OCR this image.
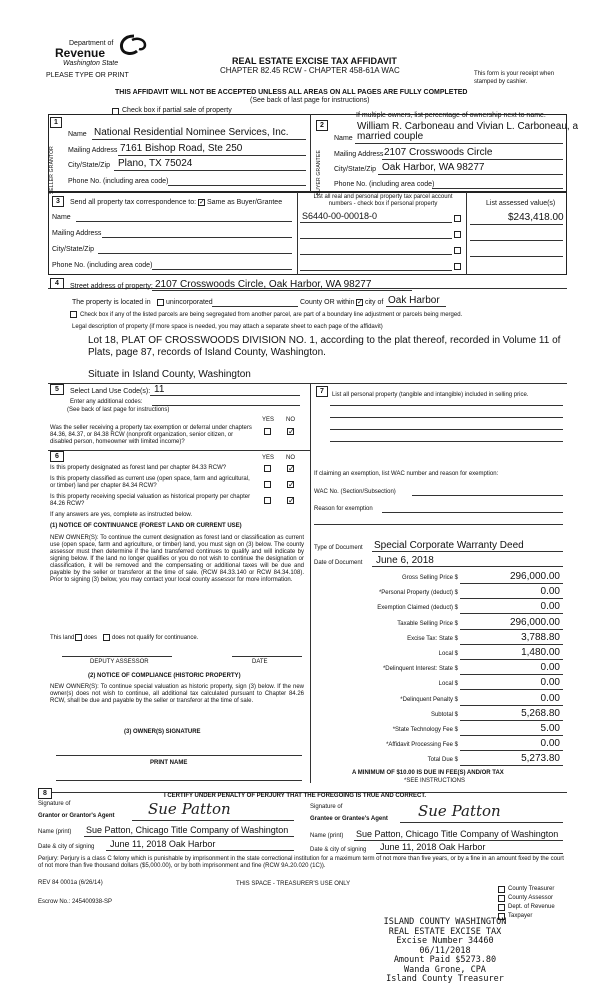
Department of
Revenue
Washington State
PLEASE TYPE OR PRINT
REAL ESTATE EXCISE TAX AFFIDAVIT
CHAPTER 82.45 RCW - CHAPTER 458-61A WAC	This form is your receipt when stamped by cashier.
THIS AFFIDAVIT WILL NOT BE ACCEPTED UNLESS ALL AREAS ON ALL PAGES ARE FULLY COMPLETED
(See back of last page for instructions)
Check box if partial sale of property
If multiple owners, list percentage of ownership next to name.
1
SELLER GRANTOR
Name National Residential Nominee Services, Inc.
Mailing Address 7161 Bishop Road, Ste 250
City/State/Zip Plano, TX 75024
Phone No. (including area code)
2
BUYER GRANTEE
William R. Carboneau and Vivian L. Carboneau, a
Name married couple
Mailing Address 2107 Crosswoods Circle
City/State/Zip Oak Harbor, WA 98277
Phone No. (including area code)
3	Send all property tax correspondence to: ✓ Same as Buyer/Grantee
Name
Mailing Address
City/State/Zip
Phone No. (including area code)
List all real and personal property tax parcel account numbers - check box if personal property	List assessed value(s)
S6440-00-00018-0	$243,418.00
4	Street address of property: 2107 Crosswoods Circle, Oak Harbor, WA 98277
The property is located in unincorporated	County OR within ✓ city of Oak Harbor
Check box if any of the listed parcels are being segregated from another parcel, are part of a boundary line adjustment or parcels being merged.
Legal description of property (if more space is needed, you may attach a separate sheet to each page of the affidavit)
Lot 18, PLAT OF CROSSWOODS DIVISION NO. 1, according to the plat thereof, recorded in Volume 11 of
Plats, page 87, records of Island County, Washington.
Situate in Island County, Washington
5	Select Land Use Code(s): 11
Enter any additional codes:
(See back of last page for instructions)
YES NO
Was the seller receiving a property tax exemption or deferral under chapters 84.36, 84.37, or 84.38 RCW (nonprofit organization, senior citizen, or disabled person, homeowner with limited income)?
✓
6	YES NO
Is this property designated as forest land per chapter 84.33 RCW?	✓
Is this property classified as current use (open space, farm and agricultural, or timber) land per chapter 84.34 RCW?	✓
Is this property receiving special valuation as historical property per chapter 84.26 RCW?	✓
If any answers are yes, complete as instructed below.
(1) NOTICE OF CONTINUANCE (FOREST LAND OR CURRENT USE)
NEW OWNER(S): To continue the current designation as forest land or classification as current use (open space, farm and agriculture, or timber) land, you must sign on (3) below. The county assessor must then determine if the land transferred continues to qualify and will indicate by signing below. If the land no longer qualifies or you do not wish to continue the designation or classification, it will be removed and the compensating or additional taxes will be due and payable by the seller or transferor at the time of sale. (RCW 84.33.140 or RCW 84.34.108). Prior to signing (3) below, you may contact your local county assessor for more information.
This land does does not qualify for continuance.
DEPUTY ASSESSOR	DATE
(2) NOTICE OF COMPLIANCE (HISTORIC PROPERTY)
NEW OWNER(S): To continue special valuation as historic property, sign (3) below. If the new owner(s) does not wish to continue, all additional tax calculated pursuant to Chapter 84.26 RCW, shall be due and payable by the seller or transferor at the time of sale.
(3) OWNER(S) SIGNATURE
PRINT NAME
7	List all personal property (tangible and intangible) included in selling price.
If claiming an exemption, list WAC number and reason for exemption:
WAC No. (Section/Subsection)
Reason for exemption
Type of Document Special Corporate Warranty Deed
Date of Document June 6, 2018
Gross Selling Price $	296,000.00
*Personal Property (deduct) $	0.00
Exemption Claimed (deduct) $	0.00
Taxable Selling Price $	296,000.00
Excise Tax: State $	3,788.80
Local $	1,480.00
*Delinquent Interest: State $	0.00
Local $	0.00
*Delinquent Penalty $	0.00
Subtotal $	5,268.80
*State Technology Fee $	5.00
*Affidavit Processing Fee $	0.00
Total Due $	5,273.80
A MINIMUM OF $10.00 IS DUE IN FEE(S) AND/OR TAX
*SEE INSTRUCTIONS
8	I CERTIFY UNDER PENALTY OF PERJURY THAT THE FOREGOING IS TRUE AND CORRECT.
Signature of
Grantor or Grantor's Agent Sue Patton
Name (print) Sue Patton, Chicago Title Company of Washington
Date & city of signing June 11, 2018 Oak Harbor
Signature of
Grantee or Grantee's Agent Sue Patton
Name (print) Sue Patton, Chicago Title Company of Washington
Date & city of signing June 11, 2018 Oak Harbor
Perjury: Perjury is a class C felony which is punishable by imprisonment in the state correctional institution for a maximum term of not more than five years, or by a fine in an amount fixed by the court of not more than five thousand dollars ($5,000.00), or by both imprisonment and fine (RCW 9A.20.020 (1C)).
REV 84 0001a (6/26/14)	THIS SPACE - TREASURER'S USE ONLY
Escrow No.: 245400938-SP
County Treasurer
County Assessor
Dept. of Revenue
Taxpayer
ISLAND COUNTY WASHINGTON
REAL ESTATE EXCISE TAX
Excise Number 34460
06/11/2018
Amount Paid $5273.80
Wanda Grone, CPA
Island County Treasurer
